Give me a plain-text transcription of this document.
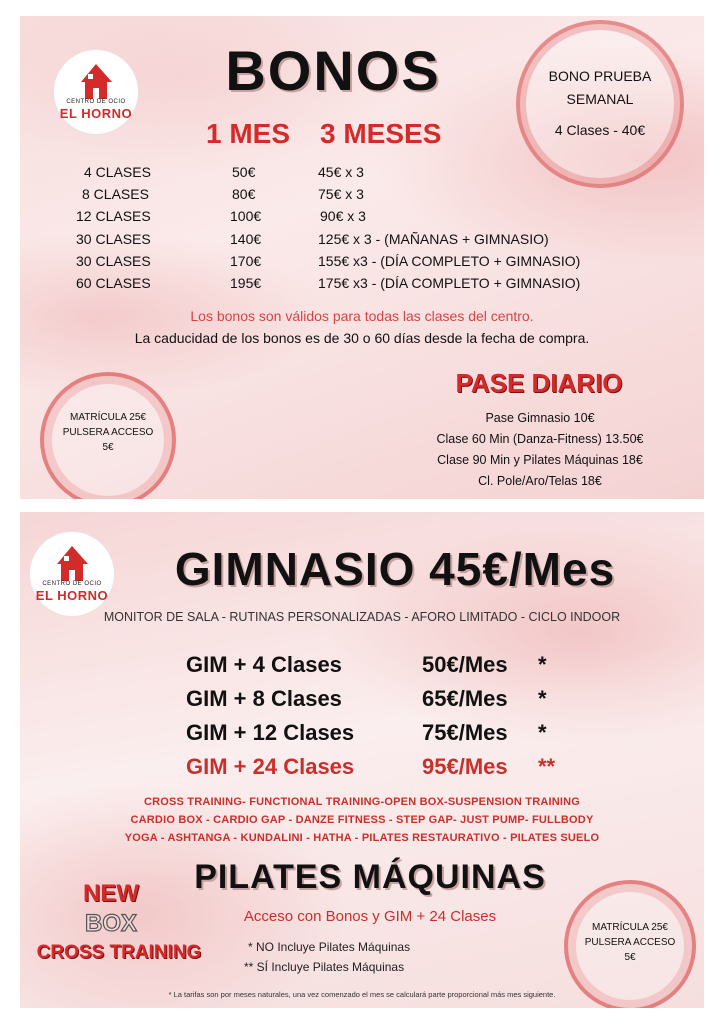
CENTRO DE OCIO
EL HORNO
BONOS	BONO PRUEBA
SEMANAL
4 Clases - 40€
1 MES 3 MESES
4 CLASES	50€	45€ x 3
8 CLASES	80€	75€ x 3
12 CLASES	100€	90€ x 3
30 CLASES	140€	125€ x 3 - (MAÑANAS + GIMNASIO)
30 CLASES	170€	155€ x3 - (DÍA COMPLETO + GIMNASIO)
60 CLASES	195€	175€ x3 - (DÍA COMPLETO + GIMNASIO)
Los bonos son válidos para todas las clases del centro.
La caducidad de los bonos es de 30 o 60 días desde la fecha de compra.
MATRÍCULA 25€
PULSERA ACCESO
5€
PASE DIARIO
Pase Gimnasio 10€
Clase 60 Min (Danza-Fitness) 13.50€
Clase 90 Min y Pilates Máquinas 18€
Cl. Pole/Aro/Telas 18€
CENTRO DE OCIO
EL HORNO
GIMNASIO 45€/Mes
MONITOR DE SALA - RUTINAS PERSONALIZADAS - AFORO LIMITADO - CICLO INDOOR
GIM + 4 Clases	50€/Mes *
GIM + 8 Clases	65€/Mes *
GIM + 12 Clases	75€/Mes *
GIM + 24 Clases	95€/Mes **
CROSS TRAINING- FUNCTIONAL TRAINING-OPEN BOX-SUSPENSION TRAINING
CARDIO BOX - CARDIO GAP - DANZE FITNESS - STEP GAP- JUST PUMP- FULLBODY
YOGA - ASHTANGA - KUNDALINI - HATHA - PILATES RESTAURATIVO - PILATES SUELO
PILATES MÁQUINAS
Acceso con Bonos y GIM + 24 Clases
* NO Incluye Pilates Máquinas
** SÍ Incluye Pilates Máquinas
NEW
BOX
CROSS TRAINING
MATRÍCULA 25€
PULSERA ACCESO
5€
* La tarifas son por meses naturales, una vez comenzado el mes se calculará parte proporcional más mes siguiente.
